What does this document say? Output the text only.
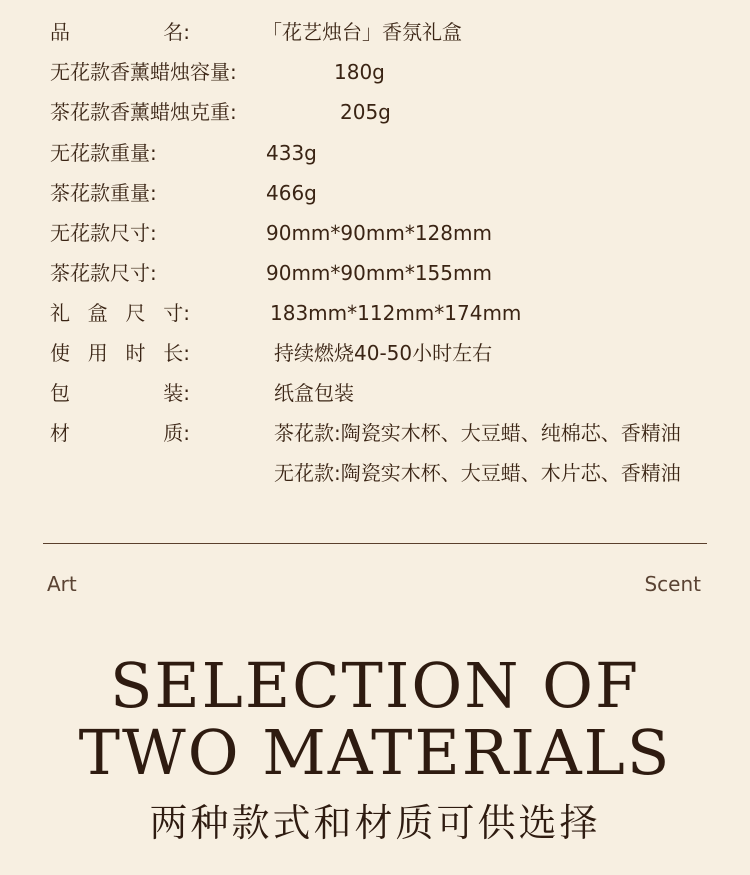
品	名:	「花艺烛台」香氛礼盒
无花款香薰蜡烛容量:	180g
茶花款香薰蜡烛克重:	205g
无花款重量:	433g
茶花款重量:	466g
无花款尺寸:	90mm*90mm*128mm
茶花款尺寸:	90mm*90mm*155mm
礼 盒 尺 寸:	183mm*112mm*174mm
使 用 时 长:	持续燃烧40-50小时左右
包	装:	纸盒包装
材	质:	茶花款:陶瓷实木杯、大豆蜡、纯棉芯、香精油
无花款:陶瓷实木杯、大豆蜡、木片芯、香精油
Art	Scent
SELECTION OF
TWO MATERIALS
两种款式和材质可供选择
